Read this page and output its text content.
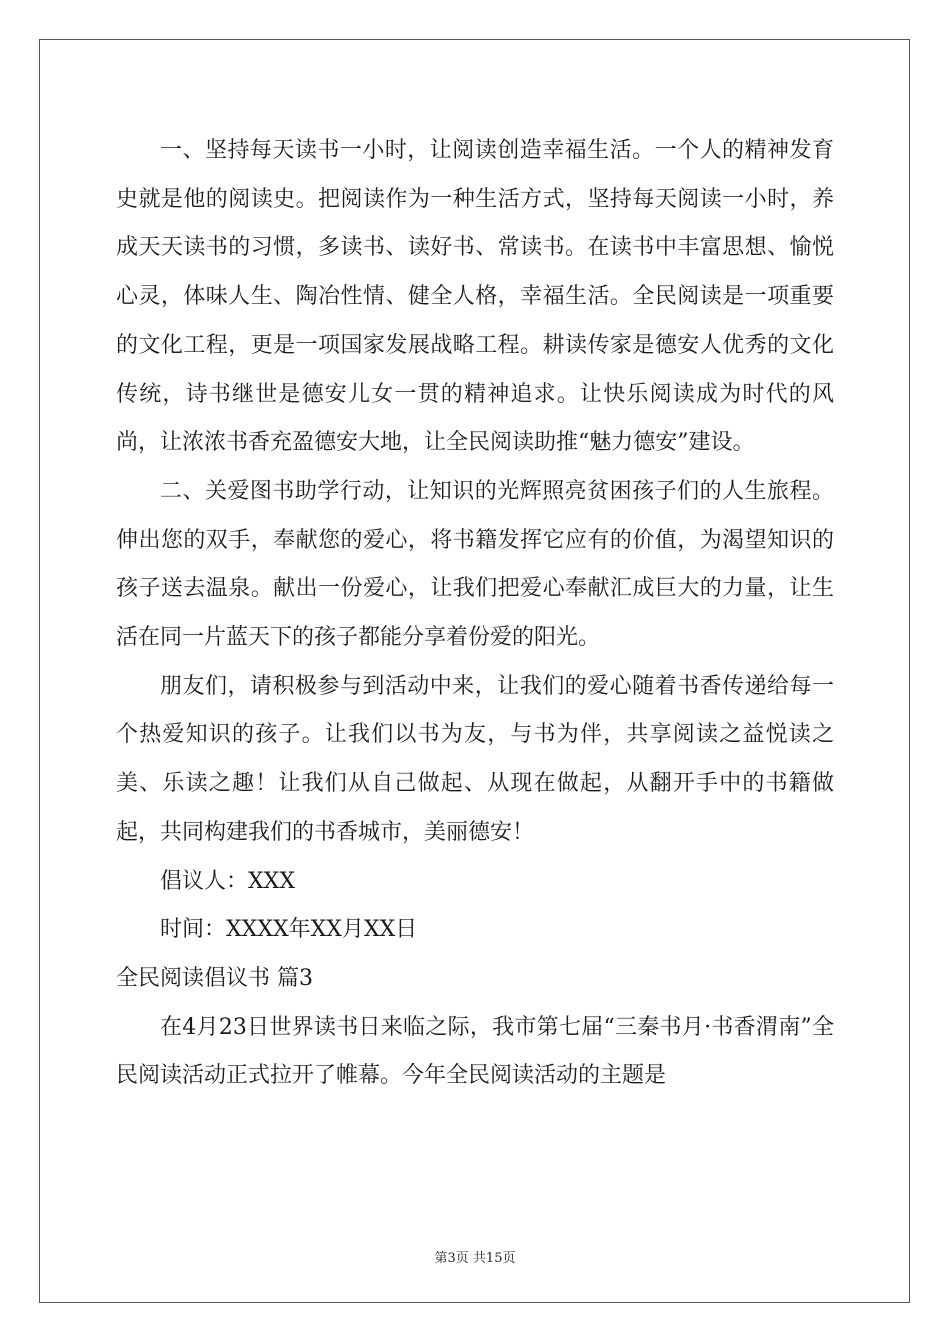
一、坚持每天读书一小时，让阅读创造幸福生活。一个人的精神发育史就是他的阅读史。把阅读作为一种生活方式，坚持每天阅读一小时，养成天天读书的习惯，多读书、读好书、常读书。在读书中丰富思想、愉悦心灵，体味人生、陶冶性情、健全人格，幸福生活。全民阅读是一项重要的文化工程，更是一项国家发展战略工程。耕读传家是德安人优秀的文化传统，诗书继世是德安儿女一贯的精神追求。让快乐阅读成为时代的风尚，让浓浓书香充盈德安大地，让全民阅读助推“魅力德安”建设。

二、关爱图书助学行动，让知识的光辉照亮贫困孩子们的人生旅程。伸出您的双手，奉献您的爱心，将书籍发挥它应有的价值，为渴望知识的孩子送去温泉。献出一份爱心，让我们把爱心奉献汇成巨大的力量，让生活在同一片蓝天下的孩子都能分享着份爱的阳光。

朋友们，请积极参与到活动中来，让我们的爱心随着书香传递给每一个热爱知识的孩子。让我们以书为友，与书为伴，共享阅读之益悦读之美、乐读之趣！让我们从自己做起、从现在做起，从翻开手中的书籍做起，共同构建我们的书香城市，美丽德安！

倡议人：XXX

时间：XXXX年XX月XX日

全民阅读倡议书 篇3

在4月23日世界读书日来临之际，我市第七届“三秦书月·书香渭南”全民阅读活动正式拉开了帷幕。今年全民阅读活动的主题是

第3页 共15页
